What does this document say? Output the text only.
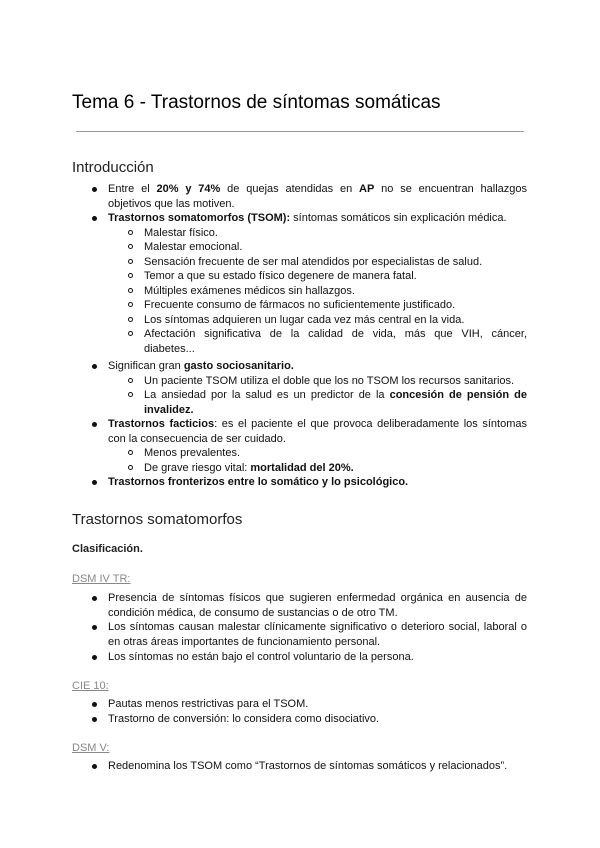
Tema 6 - Trastornos de síntomas somáticas
Introducción
Entre el 20% y 74% de quejas atendidas en AP no se encuentran hallazgos
objetivos que las motiven.
Trastornos somatomorfos (TSOM): síntomas somáticos sin explicación médica.
Malestar físico.
Malestar emocional.
Sensación frecuente de ser mal atendidos por especialistas de salud.
Temor a que su estado físico degenere de manera fatal.
Múltiples exámenes médicos sin hallazgos.
Frecuente consumo de fármacos no suficientemente justificado.
Los síntomas adquieren un lugar cada vez más central en la vida.
Afectación significativa de la calidad de vida, más que VIH, cáncer,
diabetes...
Significan gran gasto sociosanitario.
Un paciente TSOM utiliza el doble que los no TSOM los recursos sanitarios.
La ansiedad por la salud es un predictor de la concesión de pensión de
invalidez.
Trastornos facticios: es el paciente el que provoca deliberadamente los síntomas
con la consecuencia de ser cuidado.
Menos prevalentes.
De grave riesgo vital: mortalidad del 20%.
Trastornos fronterizos entre lo somático y lo psicológico.
Trastornos somatomorfos
Clasificación.
DSM IV TR:
Presencia de síntomas físicos que sugieren enfermedad orgánica en ausencia de
condición médica, de consumo de sustancias o de otro TM.
Los síntomas causan malestar clínicamente significativo o deterioro social, laboral o
en otras áreas importantes de funcionamiento personal.
Los síntomas no están bajo el control voluntario de la persona.
CIE 10:
Pautas menos restrictivas para el TSOM.
Trastorno de conversión: lo considera como disociativo.
DSM V:
Redenomina los TSOM como “Trastornos de síntomas somáticos y relacionados”.
